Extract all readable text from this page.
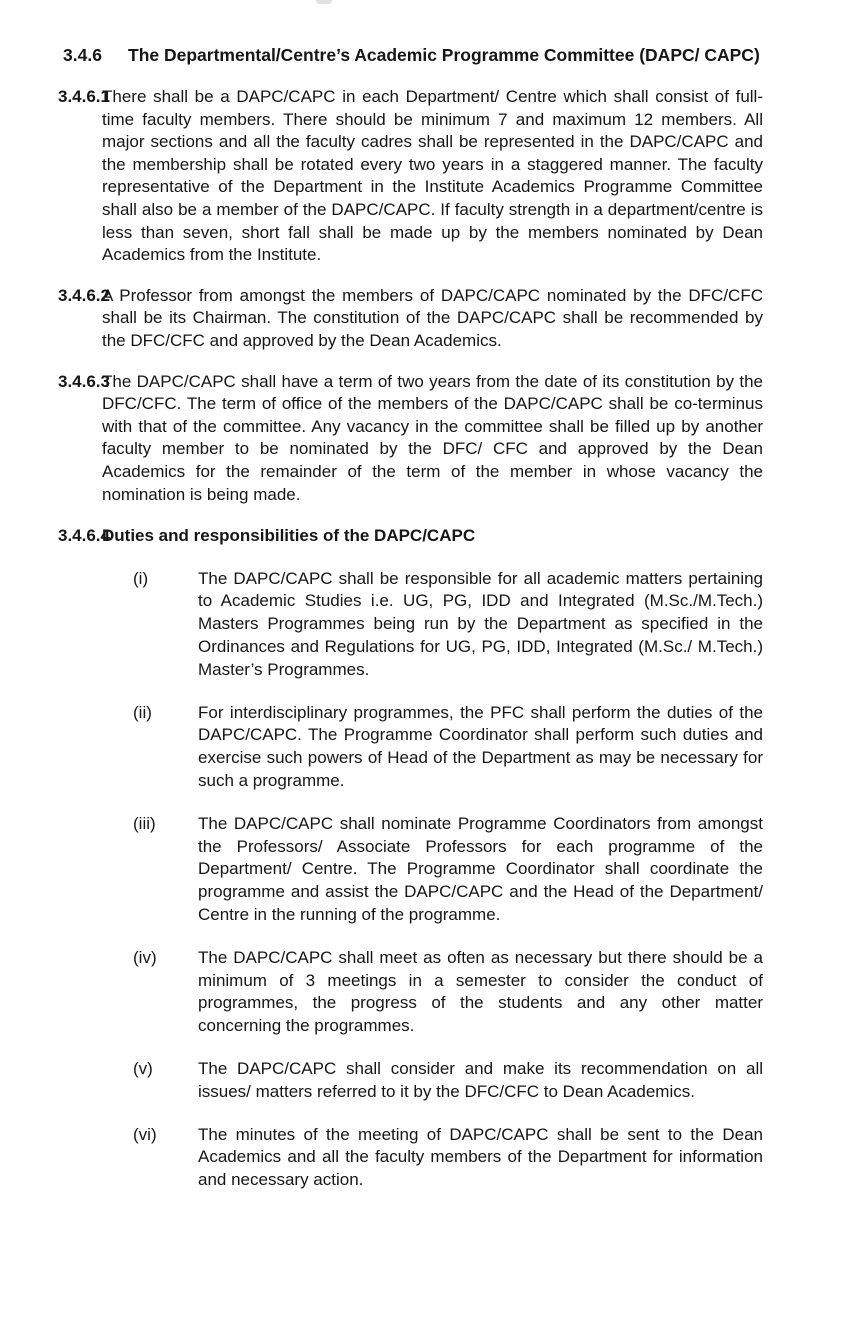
3.4.6	The Departmental/Centre’s Academic Programme Committee (DAPC/ CAPC)
3.4.6.1
There shall be a DAPC/CAPC in each Department/ Centre which shall consist of full-time faculty members. There should be minimum 7 and maximum 12 members. All major sections and all the faculty cadres shall be represented in the DAPC/CAPC and the membership shall be rotated every two years in a staggered manner. The faculty representative of the Department in the Institute Academics Programme Committee shall also be a member of the DAPC/CAPC. If faculty strength in a department/centre is less than seven, short fall shall be made up by the members nominated by Dean Academics from the Institute.
3.4.6.2
A Professor from amongst the members of DAPC/CAPC nominated by the DFC/CFC shall be its Chairman. The constitution of the DAPC/CAPC shall be recommended by the DFC/CFC and approved by the Dean Academics.
3.4.6.3
The DAPC/CAPC shall have a term of two years from the date of its constitution by the DFC/CFC. The term of office of the members of the DAPC/CAPC shall be co-terminus with that of the committee. Any vacancy in the committee shall be filled up by another faculty member to be nominated by the DFC/ CFC and approved by the Dean Academics for the remainder of the term of the member in whose vacancy the nomination is being made.
3.4.6.4
Duties and responsibilities of the DAPC/CAPC
(i)	The DAPC/CAPC shall be responsible for all academic matters pertaining to Academic Studies i.e. UG, PG, IDD and Integrated (M.Sc./M.Tech.) Masters Programmes being run by the Department as specified in the Ordinances and Regulations for UG, PG, IDD, Integrated (M.Sc./ M.Tech.) Master’s Programmes.
(ii)	For interdisciplinary programmes, the PFC shall perform the duties of the DAPC/CAPC. The Programme Coordinator shall perform such duties and exercise such powers of Head of the Department as may be necessary for such a programme.
(iii)	The DAPC/CAPC shall nominate Programme Coordinators from amongst the Professors/ Associate Professors for each programme of the Department/ Centre. The Programme Coordinator shall coordinate the programme and assist the DAPC/CAPC and the Head of the Department/ Centre in the running of the programme.
(iv)	The DAPC/CAPC shall meet as often as necessary but there should be a minimum of 3 meetings in a semester to consider the conduct of programmes, the progress of the students and any other matter concerning the programmes.
(v)	The DAPC/CAPC shall consider and make its recommendation on all issues/ matters referred to it by the DFC/CFC to Dean Academics.
(vi)	The minutes of the meeting of DAPC/CAPC shall be sent to the Dean Academics and all the faculty members of the Department for information and necessary action.
